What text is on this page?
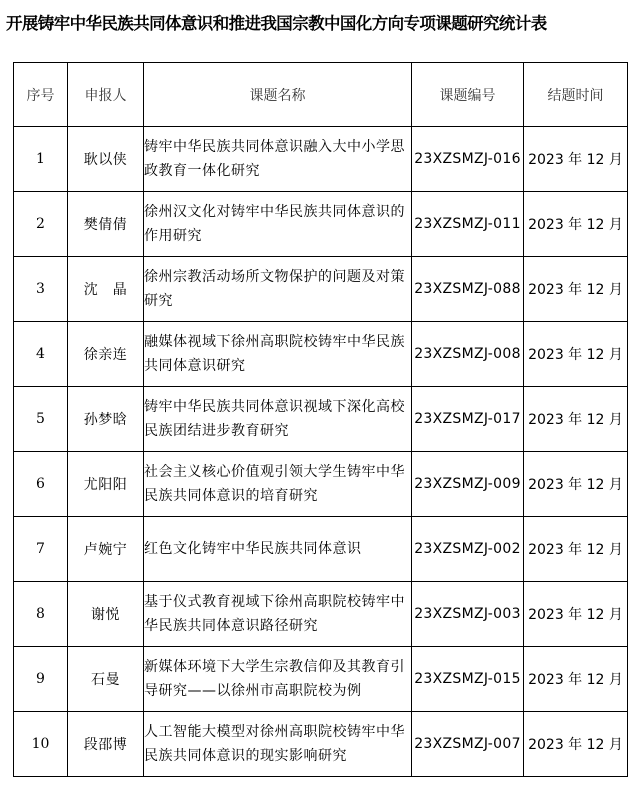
开展铸牢中华民族共同体意识和推进我国宗教中国化方向专项课题研究统计表
序号	申报人	课题名称	课题编号	结题时间
1	耿以侠	铸牢中华民族共同体意识融入大中小学思政教育一体化研究	23XZSMZJ-016	2023 年 12 月
2	樊倩倩	徐州汉文化对铸牢中华民族共同体意识的作用研究	23XZSMZJ-011	2023 年 12 月
3	沈　晶	徐州宗教活动场所文物保护的问题及对策研究	23XZSMZJ-088	2023 年 12 月
4	徐亲连	融媒体视域下徐州高职院校铸牢中华民族共同体意识研究	23XZSMZJ-008	2023 年 12 月
5	孙梦晗	铸牢中华民族共同体意识视域下深化高校民族团结进步教育研究	23XZSMZJ-017	2023 年 12 月
6	尤阳阳	社会主义核心价值观引领大学生铸牢中华民族共同体意识的培育研究	23XZSMZJ-009	2023 年 12 月
7	卢婉宁	红色文化铸牢中华民族共同体意识	23XZSMZJ-002	2023 年 12 月
8	谢悦	基于仪式教育视域下徐州高职院校铸牢中华民族共同体意识路径研究	23XZSMZJ-003	2023 年 12 月
9	石曼	新媒体环境下大学生宗教信仰及其教育引导研究——以徐州市高职院校为例	23XZSMZJ-015	2023 年 12 月
10	段邵博	人工智能大模型对徐州高职院校铸牢中华民族共同体意识的现实影响研究	23XZSMZJ-007	2023 年 12 月
